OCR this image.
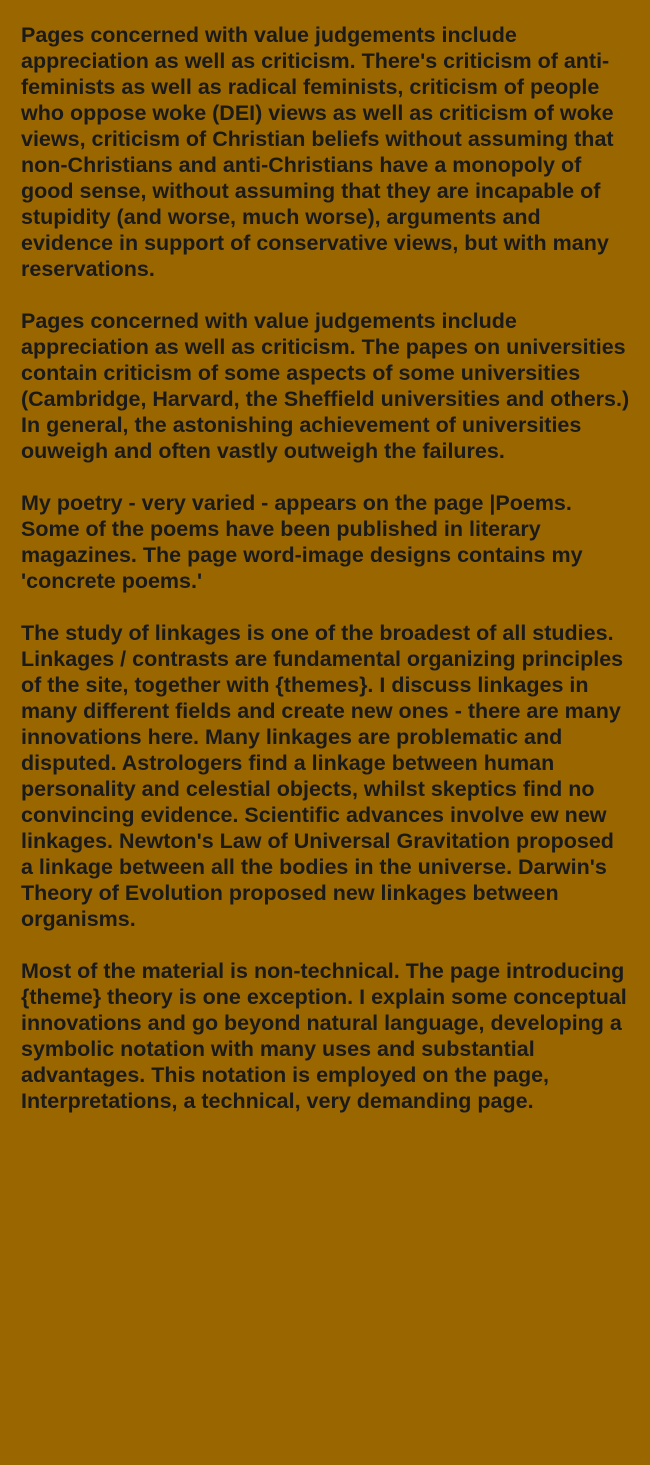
Pages concerned with value judgements include appreciation as well as criticism. There's criticism of anti-feminists as well as radical feminists, criticism of people who oppose woke (DEI) views as well as criticism of woke views, criticism of Christian beliefs without assuming that non-Christians and anti-Christians have a monopoly of good sense, without assuming that they are incapable of stupidity (and worse, much worse), arguments and evidence in support of conservative views, but with many reservations.

Pages concerned with value judgements include appreciation as well as criticism. The papes on universities contain criticism of some aspects of some universities (Cambridge, Harvard, the Sheffield universities and others.) In general, the astonishing achievement of universities ouweigh and often vastly outweigh the failures.

My poetry - very varied - appears on the page |Poems. Some of the poems have been published in literary magazines. The page word-image designs contains my 'concrete poems.'

The study of linkages is one of the broadest of all studies. Linkages / contrasts are fundamental organizing principles of the site, together with {themes}. I discuss linkages in many different fields and create new ones - there are many innovations here. Many linkages are problematic and disputed. Astrologers find a linkage between human personality and celestial objects, whilst skeptics find no convincing evidence. Scientific advances involve ew new linkages. Newton's Law of Universal Gravitation proposed a linkage between all the bodies in the universe. Darwin's Theory of Evolution proposed new linkages between organisms.

Most of the material is non-technical. The page introducing {theme} theory is one exception. I explain some conceptual innovations and go beyond natural language, developing a symbolic notation with many uses and substantial advantages. This notation is employed on the page, Interpretations, a technical, very demanding page.
